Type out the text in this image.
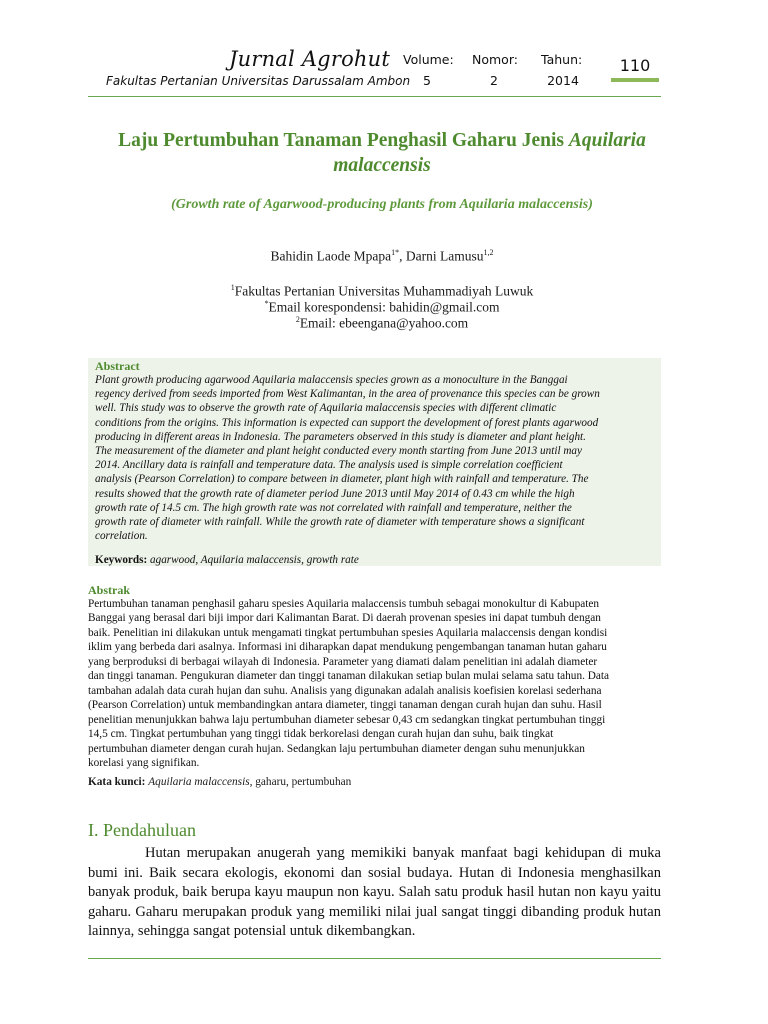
Jurnal Agrohut
Fakultas Pertanian Universitas Darussalam Ambon
Volume:
5
Nomor:
2
Tahun:
2014
110
Laju Pertumbuhan Tanaman Penghasil Gaharu Jenis Aquilaria malaccensis
(Growth rate of Agarwood-producing plants from Aquilaria malaccensis)
Bahidin Laode Mpapa$^{1*}$, Darni Lamusu$^{1,2}$
$^1$Fakultas Pertanian Universitas Muhammadiyah Luwuk
*Email korespondensi: bahidin@gmail.com
$^2$Email: ebeengana@yahoo.com
Abstract
Plant growth producing agarwood Aquilaria malaccensis species grown as a monoculture in the Banggai
regency derived from seeds imported from West Kalimantan, in the area of provenance this species can be grown
well. This study was to observe the growth rate of Aquilaria malaccensis species with different climatic
conditions from the origins. This information is expected can support the development of forest plants agarwood
producing in different areas in Indonesia. The parameters observed in this study is diameter and plant height.
The measurement of the diameter and plant height conducted every month starting from June 2013 until may
2014. Ancillary data is rainfall and temperature data. The analysis used is simple correlation coefficient
analysis (Pearson Correlation) to compare between in diameter, plant high with rainfall and temperature. The
results showed that the growth rate of diameter period June 2013 until May 2014 of 0.43 cm while the high
growth rate of 14.5 cm. The high growth rate was not correlated with rainfall and temperature, neither the
growth rate of diameter with rainfall. While the growth rate of diameter with temperature shows a significant
correlation.
Keywords: agarwood, Aquilaria malaccensis, growth rate
Abstrak
Pertumbuhan tanaman penghasil gaharu spesies Aquilaria malaccensis tumbuh sebagai monokultur di Kabupaten
Banggai yang berasal dari biji impor dari Kalimantan Barat. Di daerah provenan spesies ini dapat tumbuh dengan
baik. Penelitian ini dilakukan untuk mengamati tingkat pertumbuhan spesies Aquilaria malaccensis dengan kondisi
iklim yang berbeda dari asalnya. Informasi ini diharapkan dapat mendukung pengembangan tanaman hutan gaharu
yang berproduksi di berbagai wilayah di Indonesia. Parameter yang diamati dalam penelitian ini adalah diameter
dan tinggi tanaman. Pengukuran diameter dan tinggi tanaman dilakukan setiap bulan mulai selama satu tahun. Data
tambahan adalah data curah hujan dan suhu. Analisis yang digunakan adalah analisis koefisien korelasi sederhana
(Pearson Correlation) untuk membandingkan antara diameter, tinggi tanaman dengan curah hujan dan suhu. Hasil
penelitian menunjukkan bahwa laju pertumbuhan diameter sebesar 0,43 cm sedangkan tingkat pertumbuhan tinggi
14,5 cm. Tingkat pertumbuhan yang tinggi tidak berkorelasi dengan curah hujan dan suhu, baik tingkat
pertumbuhan diameter dengan curah hujan. Sedangkan laju pertumbuhan diameter dengan suhu menunjukkan
korelasi yang signifikan.
Kata kunci: Aquilaria malaccensis, gaharu, pertumbuhan
I. Pendahuluan
Hutan merupakan anugerah yang memikiki banyak manfaat bagi kehidupan di muka bumi ini. Baik secara ekologis, ekonomi dan sosial budaya. Hutan di Indonesia menghasilkan banyak produk, baik berupa kayu maupun non kayu. Salah satu produk hasil hutan non kayu yaitu gaharu. Gaharu merupakan produk yang memiliki nilai jual sangat tinggi dibanding produk hutan lainnya, sehingga sangat potensial untuk dikembangkan.
